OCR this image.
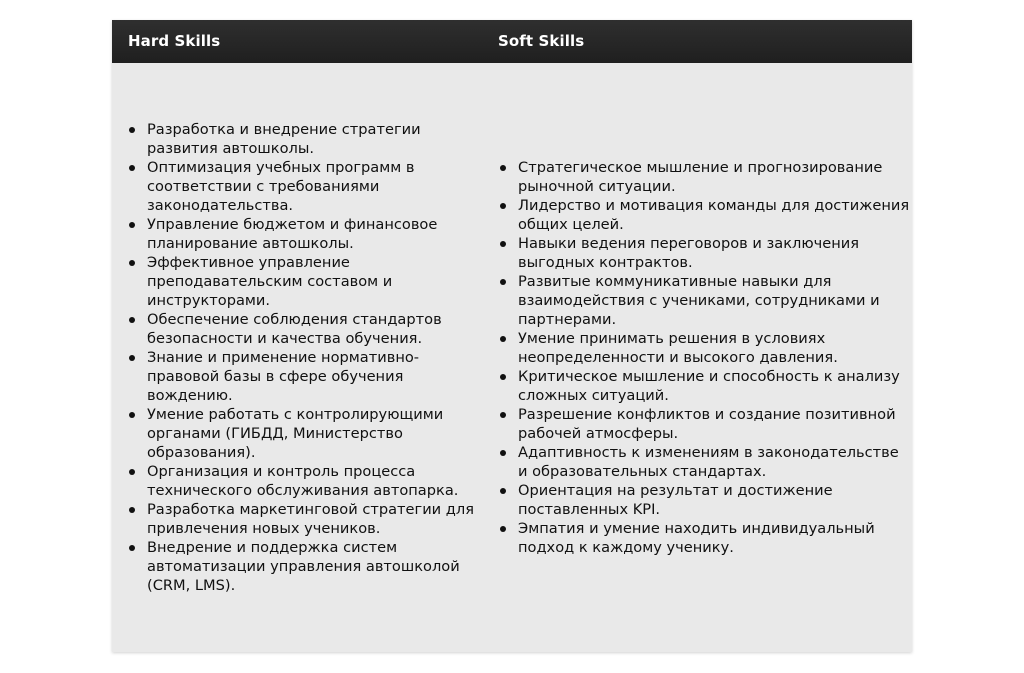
Hard Skills	Soft Skills
Разработка и внедрение стратегии развития автошколы.
Оптимизация учебных программ в соответствии с требованиями законодательства.
Управление бюджетом и финансовое планирование автошколы.
Эффективное управление преподавательским составом и инструкторами.
Обеспечение соблюдения стандартов безопасности и качества обучения.
Знание и применение нормативно-правовой базы в сфере обучения вождению.
Умение работать с контролирующими органами (ГИБДД, Министерство образования).
Организация и контроль процесса технического обслуживания автопарка.
Разработка маркетинговой стратегии для привлечения новых учеников.
Внедрение и поддержка систем автоматизации управления автошколой (CRM, LMS).
Стратегическое мышление и прогнозирование рыночной ситуации.
Лидерство и мотивация команды для достижения общих целей.
Навыки ведения переговоров и заключения выгодных контрактов.
Развитые коммуникативные навыки для взаимодействия с учениками, сотрудниками и партнерами.
Умение принимать решения в условиях неопределенности и высокого давления.
Критическое мышление и способность к анализу сложных ситуаций.
Разрешение конфликтов и создание позитивной рабочей атмосферы.
Адаптивность к изменениям в законодательстве и образовательных стандартах.
Ориентация на результат и достижение поставленных KPI.
Эмпатия и умение находить индивидуальный подход к каждому ученику.
